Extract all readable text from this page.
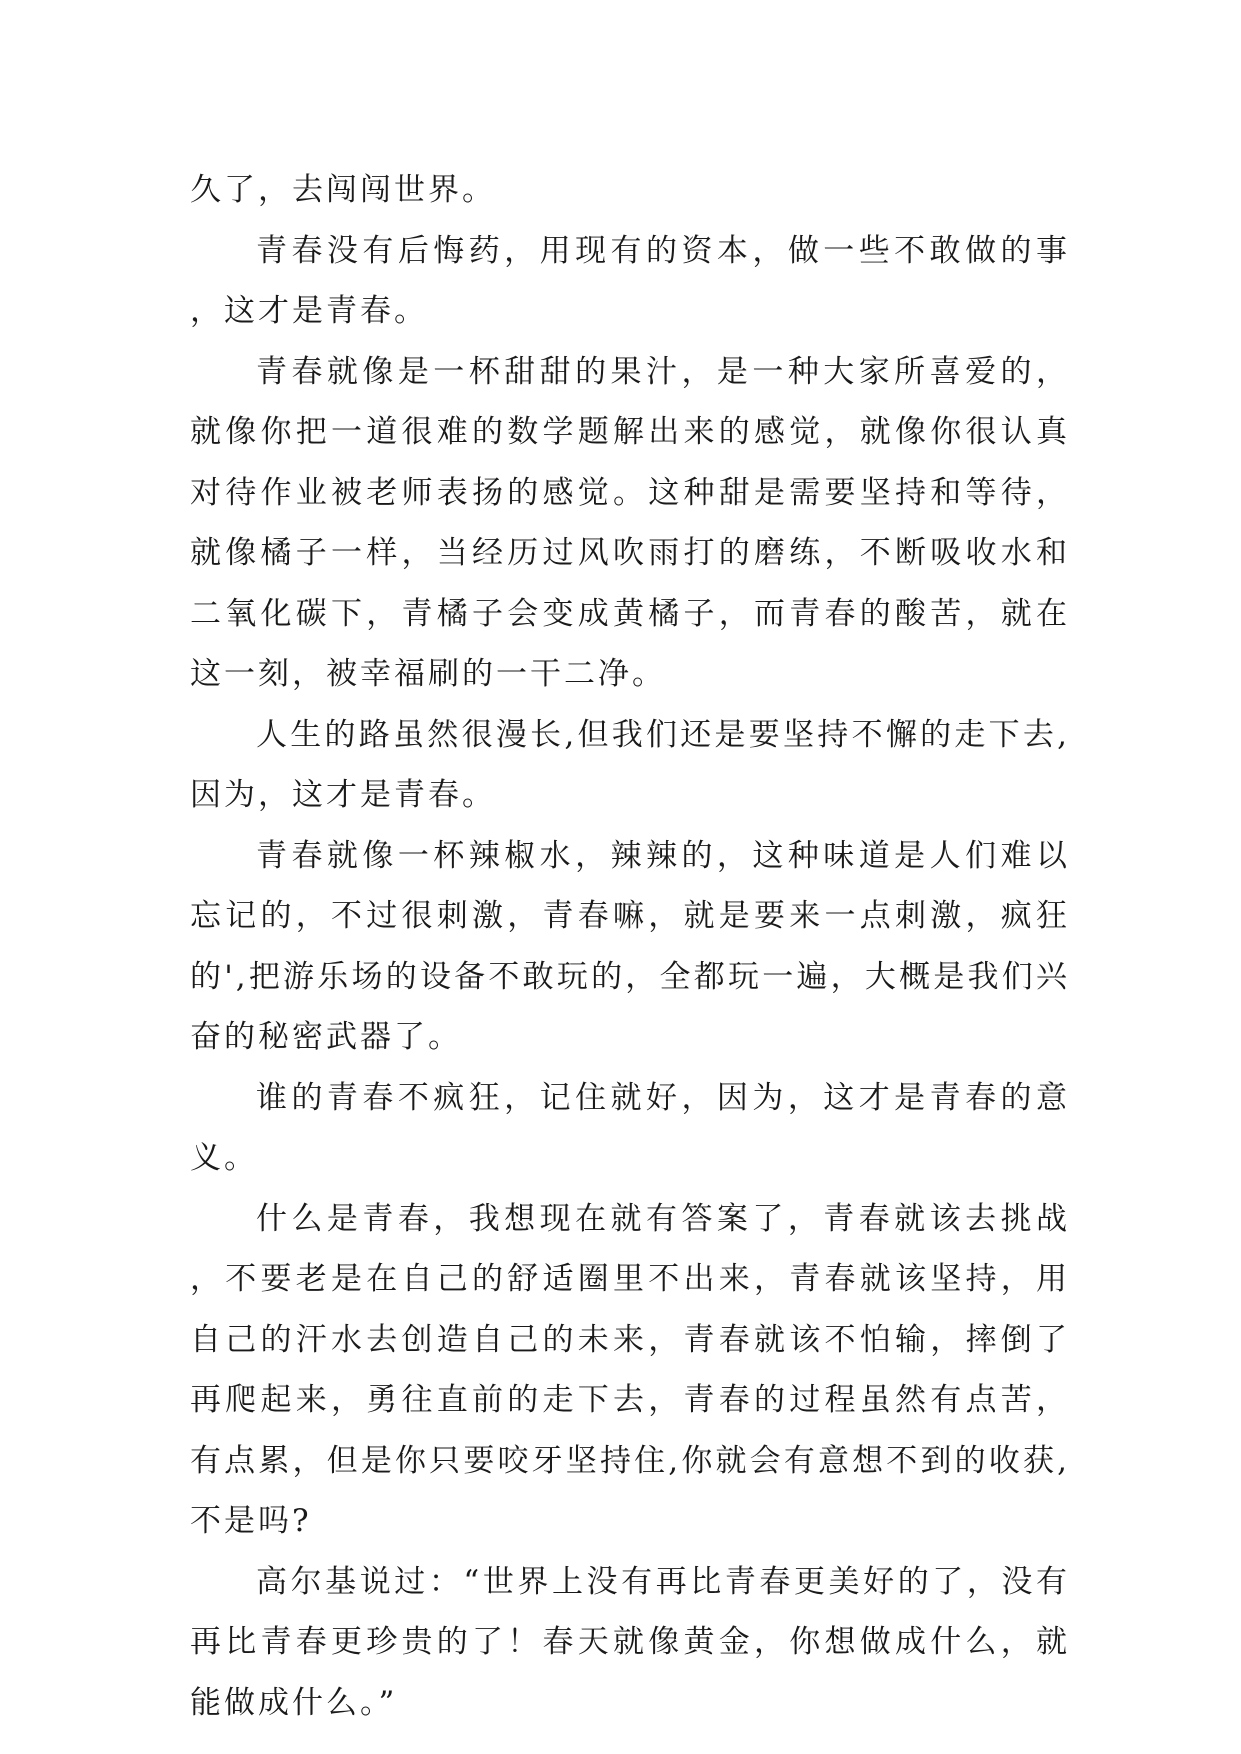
久了，去闯闯世界。

青春没有后悔药，用现有的资本，做一些不敢做的事，这才是青春。

青春就像是一杯甜甜的果汁，是一种大家所喜爱的，就像你把一道很难的数学题解出来的感觉，就像你很认真对待作业被老师表扬的感觉。这种甜是需要坚持和等待，就像橘子一样，当经历过风吹雨打的磨练，不断吸收水和二氧化碳下，青橘子会变成黄橘子，而青春的酸苦，就在这一刻，被幸福刷的一干二净。

人生的路虽然很漫长,但我们还是要坚持不懈的走下去,因为，这才是青春。

青春就像一杯辣椒水，辣辣的，这种味道是人们难以忘记的，不过很刺激，青春嘛，就是要来一点刺激，疯狂的',把游乐场的设备不敢玩的，全都玩一遍，大概是我们兴奋的秘密武器了。

谁的青春不疯狂，记住就好，因为，这才是青春的意义。

什么是青春，我想现在就有答案了，青春就该去挑战，不要老是在自己的舒适圈里不出来，青春就该坚持，用自己的汗水去创造自己的未来，青春就该不怕输，摔倒了再爬起来，勇往直前的走下去，青春的过程虽然有点苦，有点累，但是你只要咬牙坚持住,你就会有意想不到的收获,不是吗?

高尔基说过：“世界上没有再比青春更美好的了，没有再比青春更珍贵的了！春天就像黄金，你想做成什么，就能做成什么。”
